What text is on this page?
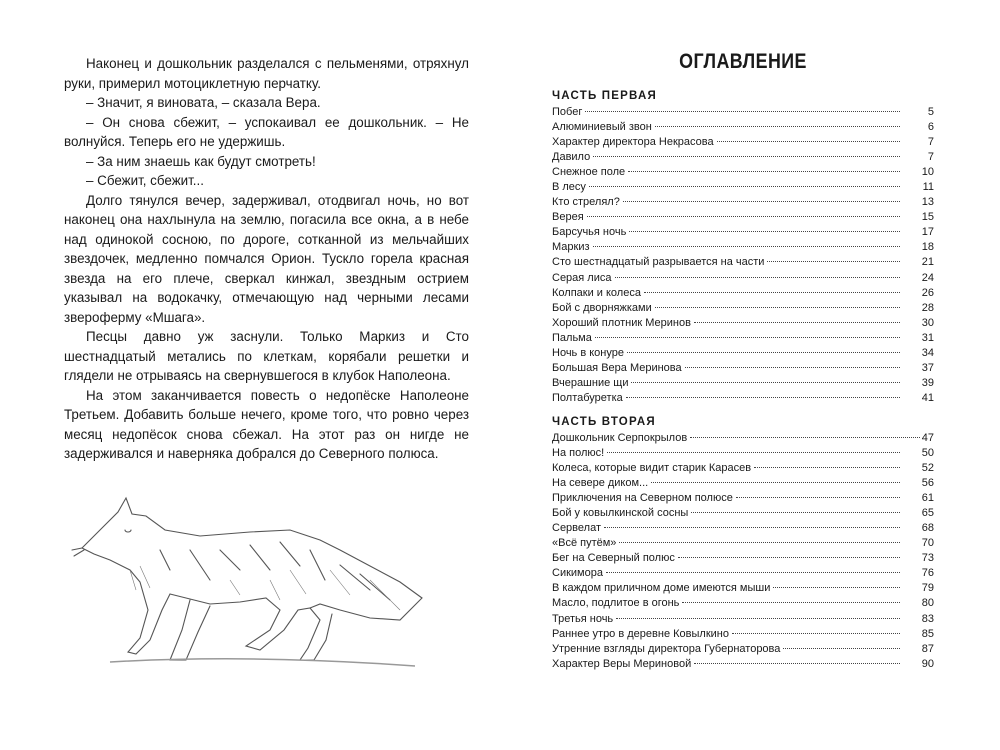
Наконец и дошкольник разделался с пельменями, отряхнул руки, примерил мотоциклетную перчатку.

– Значит, я виновата, – сказала Вера.

– Он снова сбежит, – успокаивал ее дошкольник. – Не волнуйся. Теперь его не удержишь.

– За ним знаешь как будут смотреть!

– Сбежит, сбежит...

Долго тянулся вечер, задерживал, отодвигал ночь, но вот наконец она нахлынула на землю, погасила все окна, а в небе над одинокой сосною, по дороге, сотканной из мельчайших звездочек, медленно помчался Орион. Тускло горела красная звезда на его плече, сверкал кинжал, звездным острием указывал на водокачку, отмечающую над черными лесами звероферму «Мшага».

Песцы давно уж заснули. Только Маркиз и Сто шестнадцатый метались по клеткам, корябали решетки и глядели не отрываясь на свернувшегося в клубок Наполеона.

На этом заканчивается повесть о недопёске Наполеоне Третьем. Добавить больше нечего, кроме того, что ровно через месяц недопёсок снова сбежал. На этот раз он нигде не задерживался и наверняка добрался до Северного полюса.

ОГЛАВЛЕНИЕ
ЧАСТЬ ПЕРВАЯ
Побег	5
Алюминиевый звон	6
Характер директора Некрасова	7
Давило	7
Снежное поле	10
В лесу	11
Кто стрелял?	13
Верея	15
Барсучья ночь	17
Маркиз	18
Сто шестнадцатый разрывается на части	21
Серая лиса	24
Колпаки и колеса	26
Бой с дворняжками	28
Хороший плотник Меринов	30
Пальма	31
Ночь в конуре	34
Большая Вера Меринова	37
Вчерашние щи	39
Полтабуретка	41
ЧАСТЬ ВТОРАЯ
Дошкольник Серпокрылов	47
На полюс!	50
Колеса, которые видит старик Карасев	52
На севере диком...	56
Приключения на Северном полюсе	61
Бой у ковылкинской сосны	65
Сервелат	68
«Всё путём»	70
Бег на Северный полюс	73
Сикимора	76
В каждом приличном доме имеются мыши	79
Масло, подлитое в огонь	80
Третья ночь	83
Раннее утро в деревне Ковылкино	85
Утренние взгляды директора Губернаторова	87
Характер Веры Мериновой	90
